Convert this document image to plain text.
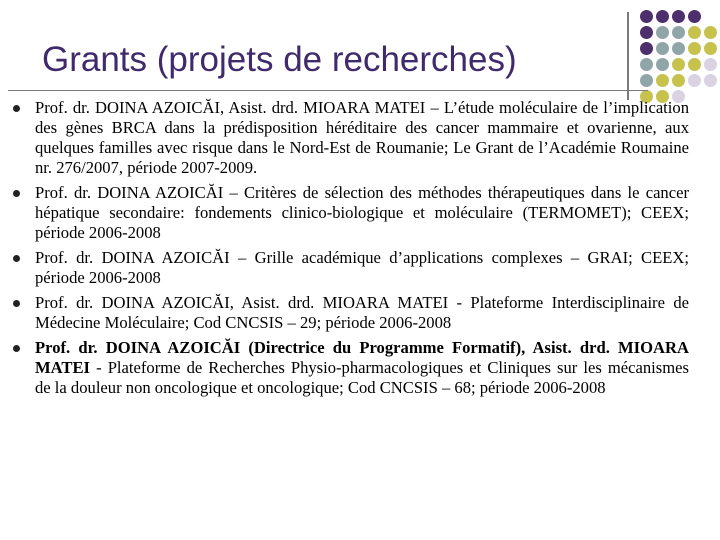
Grants (projets de recherches)
Prof. dr. DOINA AZOICĂI, Asist. drd. MIOARA MATEI – L’étude moléculaire de l’implication des gènes BRCA dans la prédisposition héréditaire des cancer mammaire et ovarienne, aux quelques familles avec risque dans le Nord-Est de Roumanie; Le Grant de l’Académie Roumaine nr. 276/2007, période 2007-2009.
Prof. dr. DOINA AZOICĂI – Critères de sélection des méthodes thérapeutiques dans le cancer hépatique secondaire: fondements clinico-biologique et moléculaire (TERMOMET); CEEX; période 2006-2008
Prof. dr. DOINA AZOICĂI – Grille académique d’applications complexes – GRAI; CEEX; période 2006-2008
Prof. dr. DOINA AZOICĂI, Asist. drd. MIOARA MATEI - Plateforme Interdisciplinaire de Médecine Moléculaire; Cod CNCSIS – 29; période 2006-2008
Prof. dr. DOINA AZOICĂI (Directrice du Programme Formatif), Asist. drd. MIOARA MATEI - Plateforme de Recherches Physio-pharmacologiques et Cliniques sur les mécanismes de la douleur non oncologique et oncologique; Cod CNCSIS – 68; période 2006-2008
